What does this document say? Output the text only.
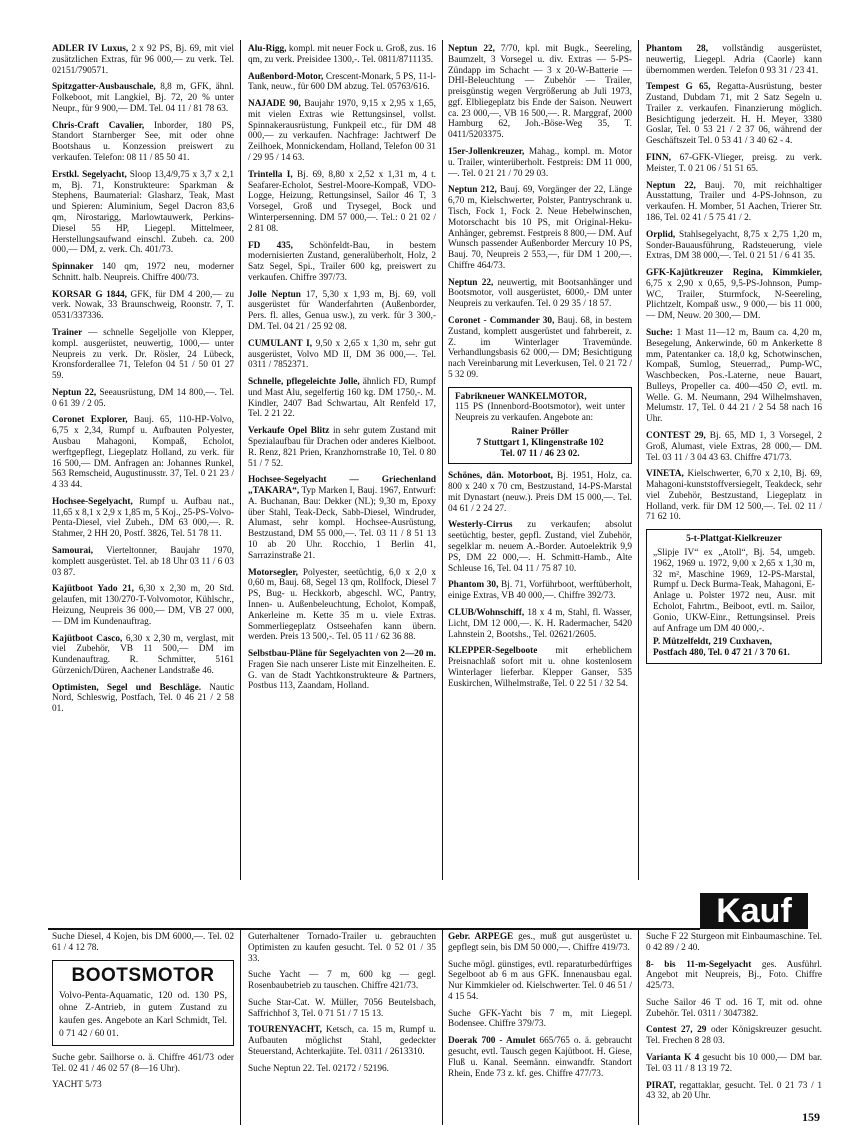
ADLER IV Luxus, 2 x 92 PS, Bj. 69, mit viel zusätzlichen Extras, für 96 000,— zu verk. Tel. 02151/790571.
Spitzgatter-Ausbauschale, 8,8 m, GFK, ähnl. Folkeboot, mit Langkiel, Bj. 72, 20 % unter Neupr., für 9 900,— DM. Tel. 04 11 / 81 78 63.
Chris-Craft Cavalier, Inborder, 180 PS, Standort Starnberger See, mit oder ohne Bootshaus u. Konzession preiswert zu verkaufen. Telefon: 08 11 / 85 50 41.
Erstkl. Segelyacht, Sloop 13,4/9,75 x 3,7 x 2,1 m, Bj. 71, Konstrukteure: Sparkman & Stephens, Baumaterial: Glasharz, Teak, Mast und Spieren: Aluminium, Segel Dacron 83,6 qm, Nirostarigg, Marlowtauwerk, Perkins-Diesel 55 HP, Liegepl. Mittelmeer, Herstellungsaufwand einschl. Zubeh. ca. 200 000,— DM, z. verk. Ch. 401/73.
Spinnaker 140 qm, 1972 neu, moderner Schnitt. halb. Neupreis. Chiffre 400/73.
KORSAR G 1844, GFK, für DM 4 200,— zu verk. Nowak, 33 Braunschweig, Roonstr. 7, T. 0531/337336.
Trainer — schnelle Segeljolle von Klepper, kompl. ausgerüstet, neuwertig, 1000,— unter Neupreis zu verk. Dr. Rösler, 24 Lübeck, Kronsforderallee 71, Telefon 04 51 / 50 01 27 59.
Neptun 22, Seeausrüstung, DM 14 800,—. Tel. 0 61 39 / 2 05.
Coronet Explorer, Bauj. 65, 110-HP-Volvo, 6,75 x 2,34, Rumpf u. Aufbauten Polyester, Ausbau Mahagoni, Kompaß, Echolot, werftgepflegt, Liegeplatz Holland, zu verk. für 16 500,— DM. Anfragen an: Johannes Runkel, 563 Remscheid, Augustinusstr. 37, Tel. 0 21 23 / 4 33 44.
Hochsee-Segelyacht, Rumpf u. Aufbau nat., 11,65 x 8,1 x 2,9 x 1,85 m, 5 Koj., 25-PS-Volvo-Penta-Diesel, viel Zubeh., DM 63 000,—. R. Stahmer, 2 HH 20, Postf. 3826, Tel. 51 78 11.
Samourai, Vierteltonner, Baujahr 1970, komplett ausgerüstet. Tel. ab 18 Uhr 03 11 / 6 03 03 87.
Kajütboot Yado 21, 6,30 x 2,30 m, 20 Std. gelaufen, mit 130/270-T-Volvomotor, Kühlschr., Heizung, Neupreis 36 000,— DM, VB 27 000,— DM im Kundenauftrag.
Kajütboot Casco, 6,30 x 2,30 m, verglast, mit viel Zubehör, VB 11 500,— DM im Kundenauftrag. R. Schmitter, 5161 Gürzenich/Düren, Aachener Landstraße 46.
Optimisten, Segel und Beschläge. Nautic Nord, Schleswig, Postfach, Tel. 0 46 21 / 2 58 01.
Alu-Rigg, kompl. mit neuer Fock u. Groß, zus. 16 qm, zu verk. Preisidee 1300,-. Tel. 0811/8711135.
Außenbord-Motor, Crescent-Monark, 5 PS, 11-l-Tank, neuw., für 600 DM abzug. Tel. 05763/616.
NAJADE 90, Baujahr 1970, 9,15 x 2,95 x 1,65, mit vielen Extras wie Rettungsinsel, vollst. Spinnakerausrüstung, Funkpeil etc., für DM 48 000,— zu verkaufen. Nachfrage: Jachtwerf De Zeilhoek, Monnickendam, Holland, Telefon 00 31 / 29 95 / 14 63.
Trintella I, Bj. 69, 8,80 x 2,52 x 1,31 m, 4 t. Seafarer-Echolot, Sestrel-Moore-Kompaß, VDO-Logge, Heizung, Rettungsinsel, Sailor 46 T, 3 Vorsegel, Groß und Trysegel, Bock und Winterpersenning. DM 57 000,—. Tel.: 0 21 02 / 2 81 08.
FD 435, Schönfeldt-Bau, in bestem modernisierten Zustand, generalüberholt, Holz, 2 Satz Segel, Spi., Trailer 600 kg, preiswert zu verkaufen. Chiffre 397/73.
Jolle Neptun 17, 5,30 x 1,93 m, Bj. 69, voll ausgerüstet für Wanderfahrten (Außenborder, Pers. fl. alles, Genua usw.), zu verk. für 3 300,- DM. Tel. 04 21 / 25 92 08.
CUMULANT I, 9,50 x 2,65 x 1,30 m, sehr gut ausgerüstet, Volvo MD II, DM 36 000,—. Tel. 0311 / 7852371.
Schnelle, pflegeleichte Jolle, ähnlich FD, Rumpf und Mast Alu, segelfertig 160 kg. DM 1750,-. M. Kindler, 2407 Bad Schwartau, Alt Renfeld 17, Tel. 2 21 22.
Verkaufe Opel Blitz in sehr gutem Zustand mit Spezialaufbau für Drachen oder anderes Kielboot. R. Renz, 821 Prien, Kranzhornstraße 10, Tel. 0 80 51 / 7 52.
Hochsee-Segelyacht — Griechenland „TAKARA“, Typ Marken I, Bauj. 1967, Entwurf: A. Buchanan, Bau: Dekker (NL); 9,30 m, Epoxy über Stahl, Teak-Deck, Sabb-Diesel, Windruder, Alumast, sehr kompl. Hochsee-Ausrüstung, Bestzustand, DM 55 000,—. Tel. 03 11 / 8 51 13 10 ab 20 Uhr. Rocchio, 1 Berlin 41, Sarrazinstraße 21.
Motorsegler, Polyester, seetüchtig, 6,0 x 2,0 x 0,60 m, Bauj. 68, Segel 13 qm, Rollfock, Diesel 7 PS, Bug- u. Heckkorb, abgeschl. WC, Pantry, Innen- u. Außenbeleuchtung, Echolot, Kompaß, Ankerleine m. Kette 35 m u. viele Extras. Sommerliegeplatz Ostseehafen kann übern. werden. Preis 13 500,-. Tel. 05 11 / 62 36 88.
Selbstbau-Pläne für Segelyachten von 2—20 m. Fragen Sie nach unserer Liste mit Einzelheiten. E. G. van de Stadt Yachtkonstrukteure & Partners, Postbus 113, Zaandam, Holland.
Neptun 22, 7/70, kpl. mit Bugk., Seereling, Baumzelt, 3 Vorsegel u. div. Extras — 5-PS-Zündapp im Schacht — 3 x 20-W-Batterie — DHI-Beleuchtung — Zubehör — Trailer, preisgünstig wegen Vergrößerung ab Juli 1973, ggf. Elbliegeplatz bis Ende der Saison. Neuwert ca. 23 000,—, VB 16 500,—. R. Marggraf, 2000 Hamburg 62, Joh.-Böse-Weg 35, T. 0411/5203375.
15er-Jollenkreuzer, Mahag., kompl. m. Motor u. Trailer, winterüberholt. Festpreis: DM 11 000,—. Tel. 0 21 21 / 70 29 03.
Neptun 212, Bauj. 69, Vorgänger der 22, Länge 6,70 m, Kielschwerter, Polster, Pantryschrank u. Tisch, Fock 1, Fock 2. Neue Hebelwinschen, Motorschacht bis 10 PS, mit Original-Heku-Anhänger, gebremst. Festpreis 8 800,— DM. Auf Wunsch passender Außenborder Mercury 10 PS, Bauj. 70, Neupreis 2 553,—, für DM 1 200,—. Chiffre 464/73.
Neptun 22, neuwertig, mit Bootsanhänger und Bootsmotor, voll ausgerüstet, 6000,- DM unter Neupreis zu verkaufen. Tel. 0 29 35 / 18 57.
Coronet - Commander 30, Bauj. 68, in bestem Zustand, komplett ausgerüstet und fahrbereit, z. Z. im Winterlager Travemünde. Verhandlungsbasis 62 000,— DM; Besichtigung nach Vereinbarung mit Leverkusen, Tel. 0 21 72 / 5 32 09.
Fabrikneuer WANKELMOTOR,
115 PS (Innenbord-Bootsmotor), weit unter Neupreis zu verkaufen. Angebote an:
Rainer Pröller
7 Stuttgart 1, Klingenstraße 102
Tel. 07 11 / 46 23 02.
Schönes, dän. Motorboot, Bj. 1951, Holz, ca. 800 x 240 x 70 cm, Bestzustand, 14-PS-Marstal mit Dynastart (neuw.). Preis DM 15 000,—. Tel. 04 61 / 2 24 27.
Westerly-Cirrus zu verkaufen; absolut seetüchtig, bester, gepfl. Zustand, viel Zubehör, segelklar m. neuem A.-Border. Autoelektrik 9,9 PS, DM 22 000,—. H. Schmitt-Hamb., Alte Schleuse 16, Tel. 04 11 / 75 87 10.
Phantom 30, Bj. 71, Vorführboot, werftüberholt, einige Extras, VB 40 000,—. Chiffre 392/73.
CLUB/Wohnschiff, 18 x 4 m, Stahl, fl. Wasser, Licht, DM 12 000,—. K. H. Radermacher, 5420 Lahnstein 2, Bootshs., Tel. 02621/2605.
KLEPPER-Segelboote mit erheblichem Preisnachlaß sofort mit u. ohne kostenlosem Winterlager lieferbar. Klepper Ganser, 535 Euskirchen, Wilhelmstraße, Tel. 0 22 51 / 32 54.
Phantom 28, vollständig ausgerüstet, neuwertig, Liegepl. Adria (Caorle) kann übernommen werden. Telefon 0 93 31 / 23 41.
Tempest G 65, Regatta-Ausrüstung, bester Zustand, Dubdam 71, mit 2 Satz Segeln u. Trailer z. verkaufen. Finanzierung möglich. Besichtigung jederzeit. H. H. Meyer, 3380 Goslar, Tel. 0 53 21 / 2 37 06, während der Geschäftszeit Tel. 0 53 41 / 3 40 62 - 4.
FINN, 67-GFK-Vlieger, preisg. zu verk. Meister, T. 0 21 06 / 51 51 65.
Neptun 22, Bauj. 70, mit reichhaltiger Ausstattung, Trailer und 4-PS-Johnson, zu verkaufen. H. Momber, 51 Aachen, Trierer Str. 186, Tel. 02 41 / 5 75 41 / 2.
Orplid, Stahlsegelyacht, 8,75 x 2,75 1,20 m, Sonder-Bauausführung, Radsteuerung, viele Extras, DM 38 000,—. Tel. 0 21 51 / 6 41 35.
GFK-Kajütkreuzer Regina, Kimmkieler, 6,75 x 2,90 x 0,65, 9,5-PS-Johnson, Pump-WC, Trailer, Sturmfock, N-Seereling, Plichtzelt, Kompaß usw., 9 000,— bis 11 000,— DM, Neuw. 20 300,— DM.
Suche: 1 Mast 11—12 m, Baum ca. 4,20 m, Besegelung, Ankerwinde, 60 m Ankerkette 8 mm, Patentanker ca. 18,0 kg, Schotwinschen, Kompaß, Sumlog, Steuerrad,, Pump-WC, Waschbecken, Pos.-Laterne, neue Bauart, Bulleys, Propeller ca. 400—450 ∅, evtl. m. Welle. G. M. Neumann, 294 Wilhelmshaven, Melumstr. 17, Tel. 0 44 21 / 2 54 58 nach 16 Uhr.
CONTEST 29, Bj. 65, MD 1, 3 Vorsegel, 2 Groß, Alumast, viele Extras, 28 000,— DM. Tel. 03 11 / 3 04 43 63. Chiffre 471/73.
VINETA, Kielschwerter, 6,70 x 2,10, Bj. 69, Mahagoni-kunststoffversiegelt, Teakdeck, sehr viel Zubehör, Bestzustand, Liegeplatz in Holland, verk. für DM 12 500,—. Tel. 02 11 / 71 62 10.
5-t-Plattgat-Kielkreuzer
„Slipje IV“ ex „Atoll“, Bj. 54, umgeb. 1962, 1969 u. 1972, 9,00 x 2,65 x 1,30 m, 32 m², Maschine 1969, 12-PS-Marstal, Rumpf u. Deck Burma-Teak, Mahagoni, E-Anlage u. Polster 1972 neu, Ausr. mit Echolot, Fahrtm., Beiboot, evtl. m. Sailor, Gonio, UKW-Einr., Rettungsinsel. Preis auf Anfrage um DM 40 000,-.
P. Mützelfeldt, 219 Cuxhaven,
Postfach 480, Tel. 0 47 21 / 3 70 61.
Kauf
Suche Diesel, 4 Kojen, bis DM 6000,—. Tel. 02 61 / 4 12 78.
BOOTSMOTOR
Volvo-Penta-Aquamatic, 120 od. 130 PS, ohne Z-Antrieb, in gutem Zustand zu kaufen ges. Angebote an Karl Schmidt, Tel. 0 71 42 / 60 01.
Suche gebr. Sailhorse o. ä. Chiffre 461/73 oder Tel. 02 41 / 46 02 57 (8—16 Uhr).
YACHT 5/73
Guterhaltener Tornado-Trailer u. gebrauchten Optimisten zu kaufen gesucht. Tel. 0 52 01 / 35 33.
Suche Yacht — 7 m, 600 kg — gegl. Rosenbaubetrieb zu tauschen. Chiffre 421/73.
Suche Star-Cat. W. Müller, 7056 Beutelsbach, Saffrichhof 3, Tel. 0 71 51 / 7 15 13.
TOURENYACHT, Ketsch, ca. 15 m, Rumpf u. Aufbauten möglichst Stahl, gedeckter Steuerstand, Achterkajüte. Tel. 0311 / 2613310.
Suche Neptun 22. Tel. 02172 / 52196.
Gebr. ARPEGE ges., muß gut ausgerüstet u. gepflegt sein, bis DM 50 000,—. Chiffre 419/73.
Suche mögl. günstiges, evtl. reparaturbedürftiges Segelboot ab 6 m aus GFK. Innenausbau egal. Nur Kimmkieler od. Kielschwerter. Tel. 0 46 51 / 4 15 54.
Suche GFK-Yacht bis 7 m, mit Liegepl. Bodensee. Chiffre 379/73.
Doerak 700 - Amulet 665/765 o. ä. gebraucht gesucht, evtl. Tausch gegen Kajütboot. H. Giese, Fluß u. Kanal. Seemänn. einwandfr. Standort Rhein, Ende 73 z. kf. ges. Chiffre 477/73.
Suche F 22 Sturgeon mit Einbaumaschine. Tel. 0 42 89 / 2 40.
8- bis 11-m-Segelyacht ges. Ausführl. Angebot mit Neupreis, Bj., Foto. Chiffre 425/73.
Suche Sailor 46 T od. 16 T, mit od. ohne Zubehör. Tel. 0311 / 3047382.
Contest 27, 29 oder Königskreuzer gesucht. Tel. Frechen 8 28 03.
Varianta K 4 gesucht bis 10 000,— DM bar. Tel. 03 11 / 8 13 19 72.
PIRAT, regattaklar, gesucht. Tel. 0 21 73 / 1 43 32, ab 20 Uhr.
159
